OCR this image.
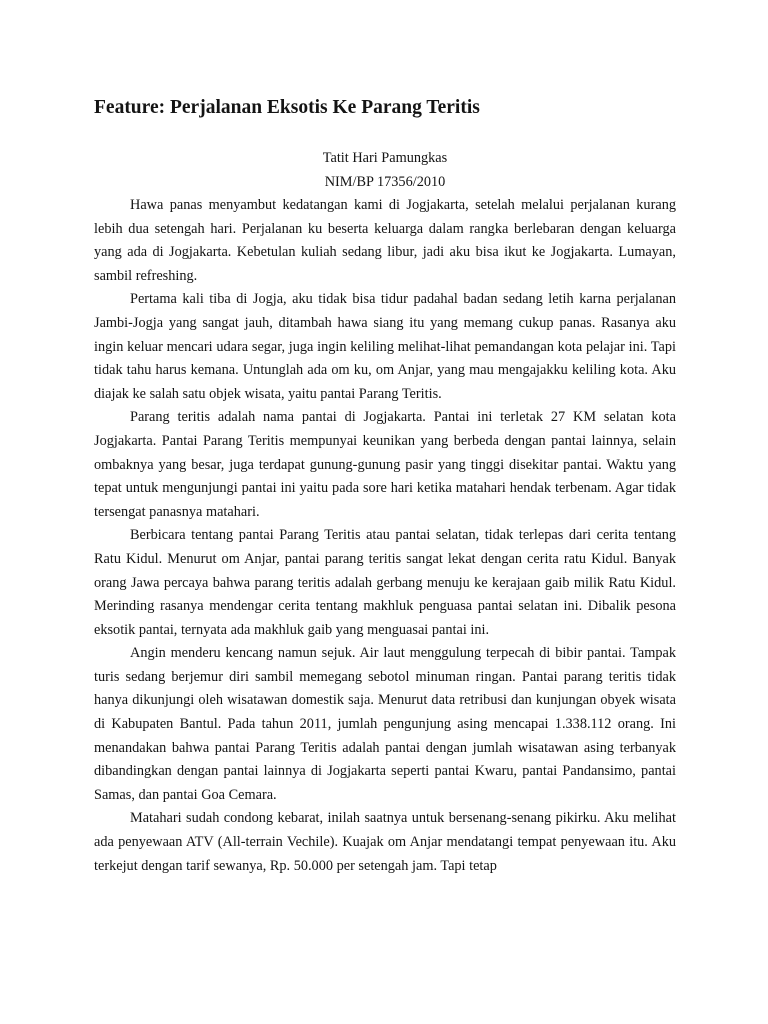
Feature: Perjalanan Eksotis Ke Parang Teritis
Tatit Hari Pamungkas
NIM/BP 17356/2010

Hawa panas menyambut kedatangan kami di Jogjakarta, setelah melalui perjalanan kurang lebih dua setengah hari. Perjalanan ku beserta keluarga dalam rangka berlebaran dengan keluarga yang ada di Jogjakarta. Kebetulan kuliah sedang libur, jadi aku bisa ikut ke Jogjakarta. Lumayan, sambil refreshing.

Pertama kali tiba di Jogja, aku tidak bisa tidur padahal badan sedang letih karna perjalanan Jambi-Jogja yang sangat jauh, ditambah hawa siang itu yang memang cukup panas. Rasanya aku ingin keluar mencari udara segar, juga ingin keliling melihat-lihat pemandangan kota pelajar ini. Tapi tidak tahu harus kemana. Untunglah ada om ku, om Anjar, yang mau mengajakku keliling kota. Aku diajak ke salah satu objek wisata, yaitu pantai Parang Teritis.

Parang teritis adalah nama pantai di Jogjakarta. Pantai ini terletak 27 KM selatan kota Jogjakarta. Pantai Parang Teritis mempunyai keunikan yang berbeda dengan pantai lainnya, selain ombaknya yang besar, juga terdapat gunung-gunung pasir yang tinggi disekitar pantai. Waktu yang tepat untuk mengunjungi pantai ini yaitu pada sore hari ketika matahari hendak terbenam. Agar tidak tersengat panasnya matahari.

Berbicara tentang pantai Parang Teritis atau pantai selatan, tidak terlepas dari cerita tentang Ratu Kidul. Menurut om Anjar, pantai parang teritis sangat lekat dengan cerita ratu Kidul. Banyak orang Jawa percaya bahwa parang teritis adalah gerbang menuju ke kerajaan gaib milik Ratu Kidul. Merinding rasanya mendengar cerita tentang makhluk penguasa pantai selatan ini. Dibalik pesona eksotik pantai, ternyata ada makhluk gaib yang menguasai pantai ini.

Angin menderu kencang namun sejuk. Air laut menggulung terpecah di bibir pantai. Tampak turis sedang berjemur diri sambil memegang sebotol minuman ringan. Pantai parang teritis tidak hanya dikunjungi oleh wisatawan domestik saja. Menurut data retribusi dan kunjungan obyek wisata di Kabupaten Bantul. Pada tahun 2011, jumlah pengunjung asing mencapai 1.338.112 orang. Ini menandakan bahwa pantai Parang Teritis adalah pantai dengan jumlah wisatawan asing terbanyak dibandingkan dengan pantai lainnya di Jogjakarta seperti pantai Kwaru, pantai Pandansimo, pantai Samas, dan pantai Goa Cemara.

Matahari sudah condong kebarat, inilah saatnya untuk bersenang-senang pikirku. Aku melihat ada penyewaan ATV (All-terrain Vechile). Kuajak om Anjar mendatangi tempat penyewaan itu. Aku terkejut dengan tarif sewanya, Rp. 50.000 per setengah jam. Tapi tetap
